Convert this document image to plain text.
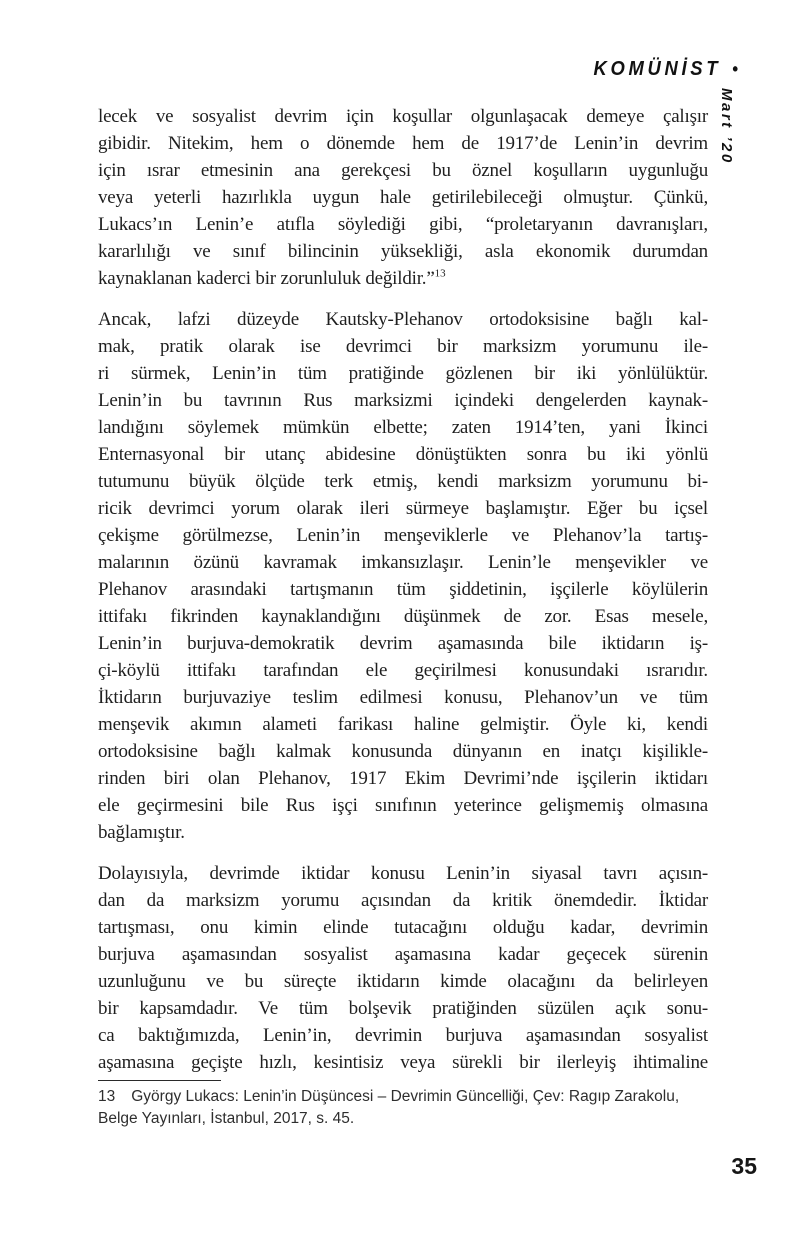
KOMÜNİST •
Mart ’20
lecek ve sosyalist devrim için koşullar olgunlaşacak demeye çalışır
gibidir. Nitekim, hem o dönemde hem de 1917’de Lenin’in devrim
için ısrar etmesinin ana gerekçesi bu öznel koşulların uygunluğu
veya yeterli hazırlıkla uygun hale getirilebileceği olmuştur. Çünkü,
Lukacs’ın Lenin’e atıfla söylediği gibi, “proletaryanın davranışları,
kararlılığı ve sınıf bilincinin yüksekliği, asla ekonomik durumdan
kaynaklanan kaderci bir zorunluluk değildir.”$^{13}$
Ancak, lafzi düzeyde Kautsky-Plehanov ortodoksisine bağlı kal-
mak, pratik olarak ise devrimci bir marksizm yorumunu ile-
ri sürmek, Lenin’in tüm pratiğinde gözlenen bir iki yönlülüktür.
Lenin’in bu tavrının Rus marksizmi içindeki dengelerden kaynak-
landığını söylemek mümkün elbette; zaten 1914’ten, yani İkinci
Enternasyonal bir utanç abidesine dönüştükten sonra bu iki yönlü
tutumunu büyük ölçüde terk etmiş, kendi marksizm yorumunu bi-
ricik devrimci yorum olarak ileri sürmeye başlamıştır. Eğer bu içsel
çekişme görülmezse, Lenin’in menşeviklerle ve Plehanov’la tartış-
malarının özünü kavramak imkansızlaşır. Lenin’le menşevikler ve
Plehanov arasındaki tartışmanın tüm şiddetinin, işçilerle köylülerin
ittifakı fikrinden kaynaklandığını düşünmek de zor. Esas mesele,
Lenin’in burjuva-demokratik devrim aşamasında bile iktidarın iş-
çi-köylü ittifakı tarafından ele geçirilmesi konusundaki ısrarıdır.
İktidarın burjuvaziye teslim edilmesi konusu, Plehanov’un ve tüm
menşevik akımın alameti farikası haline gelmiştir. Öyle ki, kendi
ortodoksisine bağlı kalmak konusunda dünyanın en inatçı kişilikle-
rinden biri olan Plehanov, 1917 Ekim Devrimi’nde işçilerin iktidarı
ele geçirmesini bile Rus işçi sınıfının yeterince gelişmemiş olmasına
bağlamıştır.
Dolayısıyla, devrimde iktidar konusu Lenin’in siyasal tavrı açısın-
dan da marksizm yorumu açısından da kritik önemdedir. İktidar
tartışması, onu kimin elinde tutacağını olduğu kadar, devrimin
burjuva aşamasından sosyalist aşamasına kadar geçecek sürenin
uzunluğunu ve bu süreçte iktidarın kimde olacağını da belirleyen
bir kapsamdadır. Ve tüm bolşevik pratiğinden süzülen açık sonu-
ca baktığımızda, Lenin’in, devrimin burjuva aşamasından sosyalist
aşamasına geçişte hızlı, kesintisiz veya sürekli bir ilerleyiş ihtimaline
13 György Lukacs: Lenin’in Düşüncesi – Devrimin Güncelliği, Çev: Ragıp Zarakolu, Belge Yayınları, İstanbul, 2017, s. 45.
35
